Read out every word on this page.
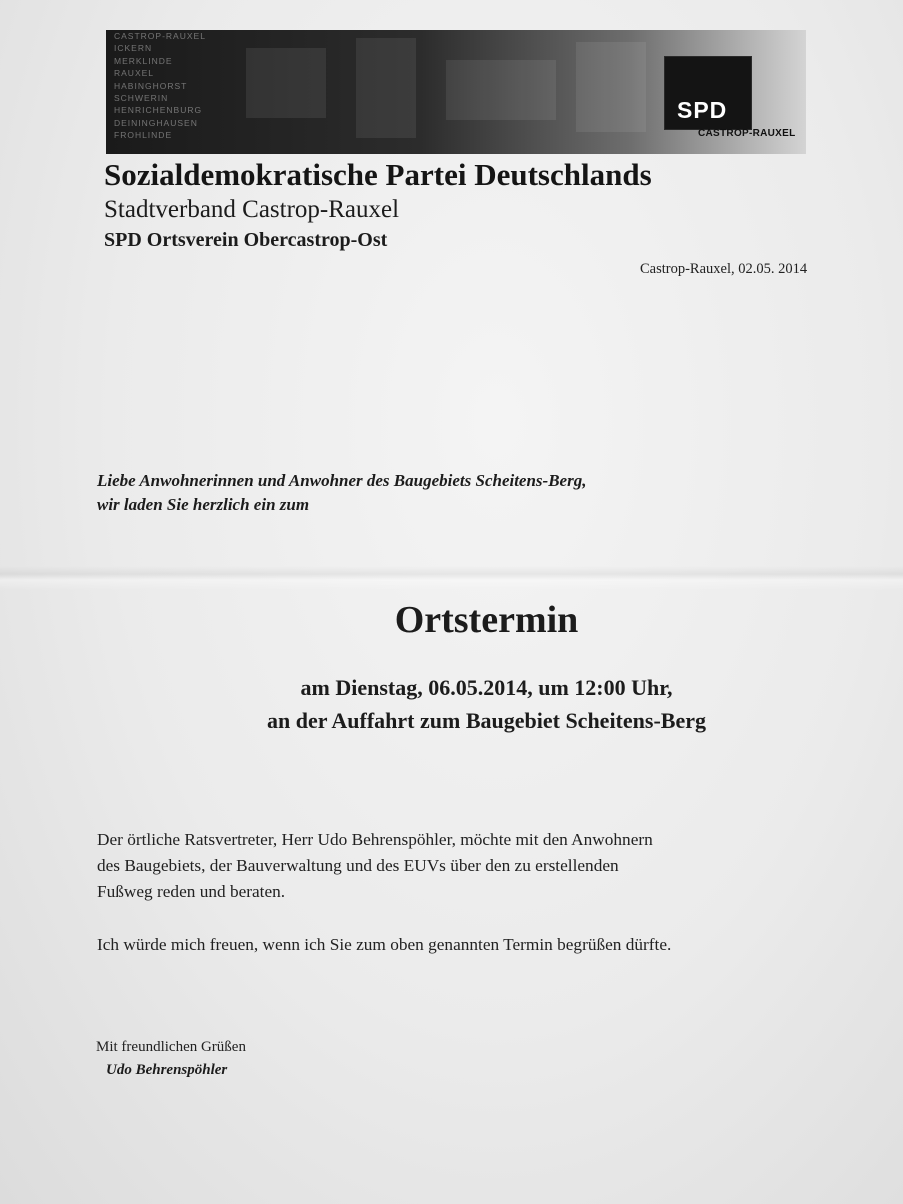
CASTROP-RAUXEL
ICKERN
MERKLINDE
RAUXEL
HABINGHORST
SCHWERIN
HENRICHENBURG
DEININGHAUSEN
FROHLINDE
SPD
CASTROP-RAUXEL
Sozialdemokratische Partei Deutschlands
Stadtverband Castrop-Rauxel
SPD Ortsverein Obercastrop-Ost
Castrop-Rauxel, 02.05. 2014
Liebe Anwohnerinnen und Anwohner des Baugebiets Scheitens-Berg,
wir laden Sie herzlich ein zum
Ortstermin
am Dienstag, 06.05.2014, um 12:00 Uhr,
an der Auffahrt zum Baugebiet Scheitens-Berg
Der örtliche Ratsvertreter, Herr Udo Behrenspöhler, möchte mit den Anwohnern
des Baugebiets, der Bauverwaltung und des EUVs über den zu erstellenden
Fußweg reden und beraten.
Ich würde mich freuen, wenn ich Sie zum oben genannten Termin begrüßen dürfte.
Mit freundlichen Grüßen
Udo Behrenspöhler
